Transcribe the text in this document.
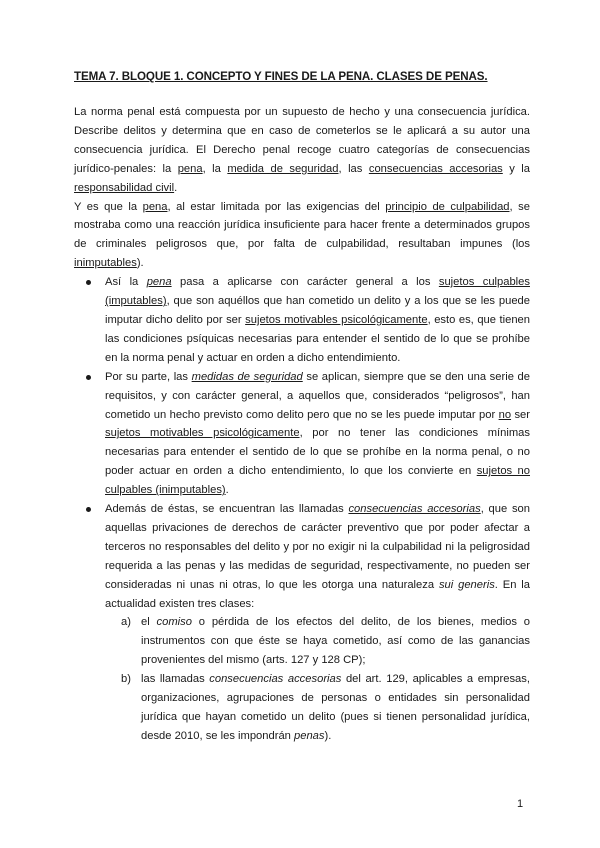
TEMA 7. BLOQUE 1. CONCEPTO Y FINES DE LA PENA. CLASES DE PENAS.

La norma penal está compuesta por un supuesto de hecho y una consecuencia jurídica. Describe delitos y determina que en caso de cometerlos se le aplicará a su autor una consecuencia jurídica. El Derecho penal recoge cuatro categorías de consecuencias jurídico-penales: la pena, la medida de seguridad, las consecuencias accesorias y la responsabilidad civil.

Y es que la pena, al estar limitada por las exigencias del principio de culpabilidad, se mostraba como una reacción jurídica insuficiente para hacer frente a determinados grupos de criminales peligrosos que, por falta de culpabilidad, resultaban impunes (los inimputables).

Así la pena pasa a aplicarse con carácter general a los sujetos culpables (imputables), que son aquéllos que han cometido un delito y a los que se les puede imputar dicho delito por ser sujetos motivables psicológicamente, esto es, que tienen las condiciones psíquicas necesarias para entender el sentido de lo que se prohíbe en la norma penal y actuar en orden a dicho entendimiento.
Por su parte, las medidas de seguridad se aplican, siempre que se den una serie de requisitos, y con carácter general, a aquellos que, considerados “peligrosos”, han cometido un hecho previsto como delito pero que no se les puede imputar por no ser sujetos motivables psicológicamente, por no tener las condiciones mínimas necesarias para entender el sentido de lo que se prohíbe en la norma penal, o no poder actuar en orden a dicho entendimiento, lo que los convierte en sujetos no culpables (inimputables).
Además de éstas, se encuentran las llamadas consecuencias accesorias, que son aquellas privaciones de derechos de carácter preventivo que por poder afectar a terceros no responsables del delito y por no exigir ni la culpabilidad ni la peligrosidad requerida a las penas y las medidas de seguridad, respectivamente, no pueden ser consideradas ni unas ni otras, lo que les otorga una naturaleza sui generis. En la actualidad existen tres clases:
a) el comiso o pérdida de los efectos del delito, de los bienes, medios o instrumentos con que éste se haya cometido, así como de las ganancias provenientes del mismo (arts. 127 y 128 CP);
b) las llamadas consecuencias accesorias del art. 129, aplicables a empresas, organizaciones, agrupaciones de personas o entidades sin personalidad jurídica que hayan cometido un delito (pues si tienen personalidad jurídica, desde 2010, se les impondrán penas).
1
